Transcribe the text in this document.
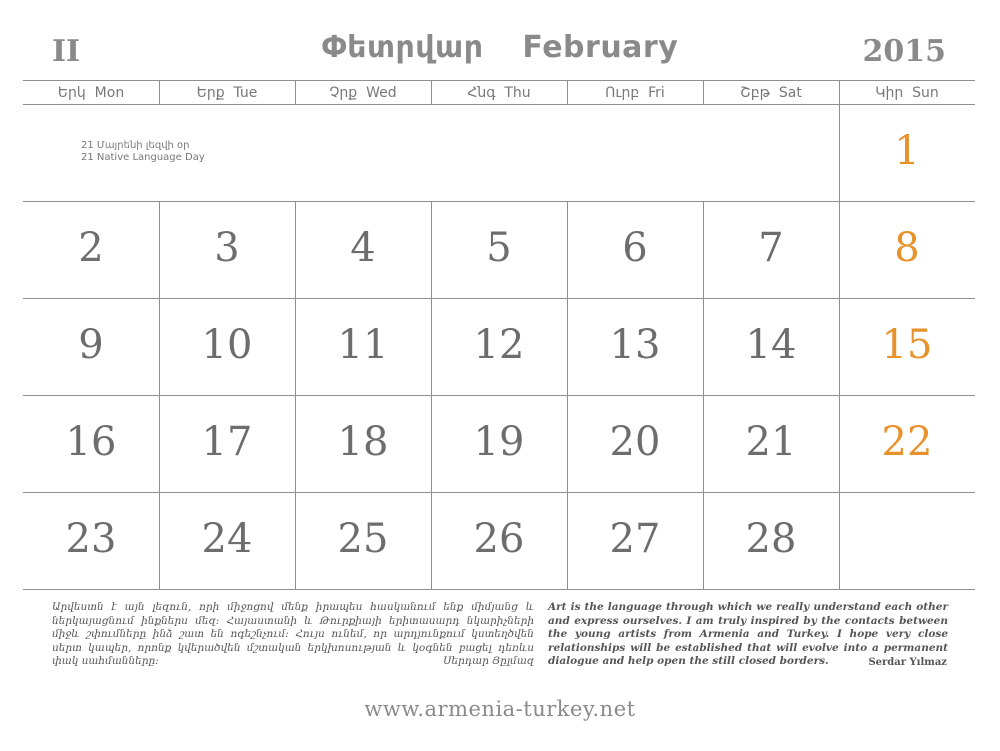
II	Փետրվար February	2015
21 Մայրենի լեզվի օր
21 Native Language Day
Երկ  Mon	Երք  Tue	Չրք  Wed	Հնգ  Thu	Ուրբ  Fri	Շբթ  Sat	Կիր  Sun
1
2	3	4	5	6	7	8
9	10	11	12	13	14	15
16	17	18	19	20	21	22
23	24	25	26	27	28
Արվեստն է այն լեզուն, որի միջոցով մենք իրապես հասկանում ենք միմյանց և ներկայացնում ինքներս մեզ: Հայաստանի և Թուրքիայի երիտասարդ նկարիչների միջև շփումները ինձ շատ են ոգեշնչում: Հույս ունեմ, որ արդյունքում կստեղծվեն սերտ կապեր, որոնք կվերածվեն մշտական երկխոսության և կօգնեն բացել դեռևս փակ սահմանները:	Սերդար Յըլմազ
Art is the language through which we really understand each other and express ourselves. I am truly inspired by the contacts between the young artists from Armenia and Turkey. I hope very close relationships will be established that will evolve into a permanent dialogue and help open the still closed borders.	Serdar Yılmaz
www.armenia-turkey.net
